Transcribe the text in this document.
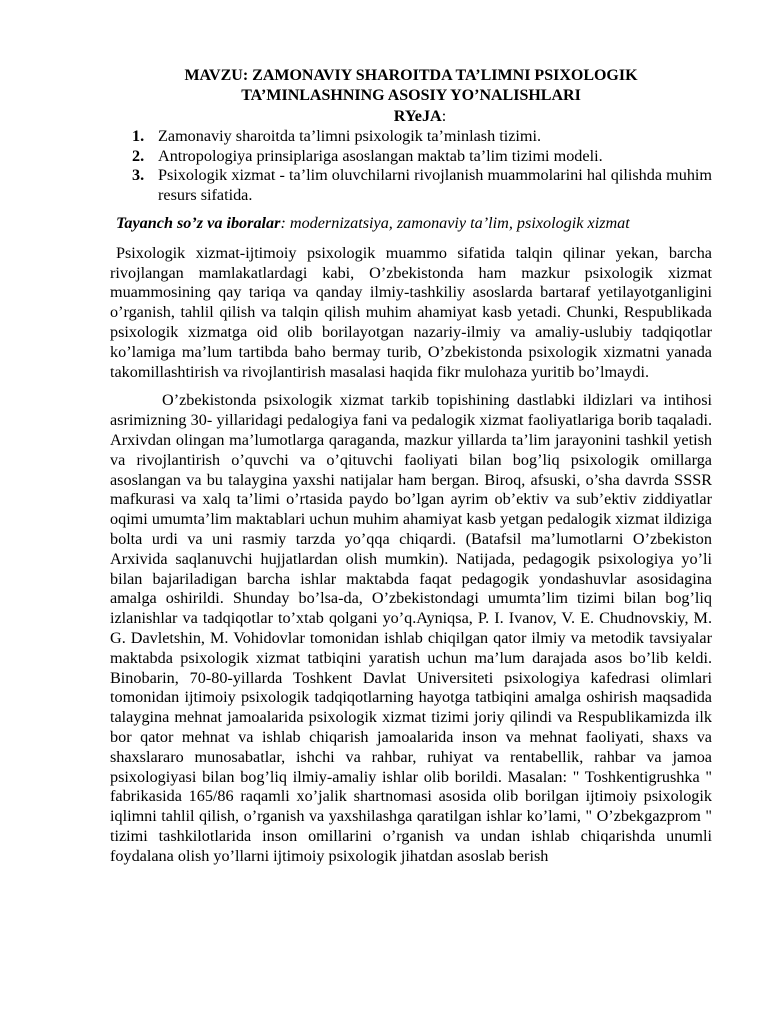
MAVZU: ZAMONAVIY SHAROITDA TA’LIMNI PSIXOLOGIK
TA’MINLASHNING ASOSIY YO’NALISHLARI
RYeJA:
1. Zamonaviy sharoitda ta’limni psixologik ta’minlash tizimi.
2. Antropologiya prinsiplariga asoslangan maktab ta’lim tizimi modeli.
3. Psixologik xizmat - ta’lim oluvchilarni rivojlanish muammolarini hal qilishda muhim resurs sifatida.
Tayanch so’z va iboralar: modernizatsiya, zamonaviy ta’lim, psixologik xizmat

Psixologik xizmat-ijtimoiy psixologik muammo sifatida talqin qilinar yekan, barcha rivojlangan mamlakatlardagi kabi, O’zbekistonda ham mazkur psixologik xizmat muammosining qay tariqa va qanday ilmiy-tashkiliy asoslarda bartaraf yetilayotganligini o’rganish, tahlil qilish va talqin qilish muhim ahamiyat kasb yetadi. Chunki, Respublikada psixologik xizmatga oid olib borilayotgan nazariy-ilmiy va amaliy-uslubiy tadqiqotlar ko’lamiga ma’lum tartibda baho bermay turib, O’zbekistonda psixologik xizmatni yanada takomillashtirish va rivojlantirish masalasi haqida fikr mulohaza yuritib bo’lmaydi.

O’zbekistonda psixologik xizmat tarkib topishining dastlabki ildizlari va intihosi asrimizning 30- yillaridagi pedalogiya fani va pedalogik xizmat faoliyatlariga borib taqaladi. Arxivdan olingan ma’lumotlarga qaraganda, mazkur yillarda ta’lim jarayonini tashkil yetish va rivojlantirish o’quvchi va o’qituvchi faoliyati bilan bog’liq psixologik omillarga asoslangan va bu talaygina yaxshi natijalar ham bergan. Biroq, afsuski, o’sha davrda SSSR mafkurasi va xalq ta’limi o’rtasida paydo bo’lgan ayrim ob’ektiv va sub’ektiv ziddiyatlar oqimi umumta’lim maktablari uchun muhim ahamiyat kasb yetgan pedalogik xizmat ildiziga bolta urdi va uni rasmiy tarzda yo’qqa chiqardi. (Batafsil ma’lumotlarni O’zbekiston Arxivida saqlanuvchi hujjatlardan olish mumkin). Natijada, pedagogik psixologiya yo’li bilan bajariladigan barcha ishlar maktabda faqat pedagogik yondashuvlar asosidagina amalga oshirildi. Shunday bo’lsa-da, O’zbekistondagi umumta’lim tizimi bilan bog’liq izlanishlar va tadqiqotlar to’xtab qolgani yo’q.Ayniqsa, P. I. Ivanov, V. E. Chudnovskiy, M. G. Davletshin, M. Vohidovlar tomonidan ishlab chiqilgan qator ilmiy va metodik tavsiyalar maktabda psixologik xizmat tatbiqini yaratish uchun ma’lum darajada asos bo’lib keldi. Binobarin, 70-80-yillarda Toshkent Davlat Universiteti psixologiya kafedrasi olimlari tomonidan ijtimoiy psixologik tadqiqotlarning hayotga tatbiqini amalga oshirish maqsadida talaygina mehnat jamoalarida psixologik xizmat tizimi joriy qilindi va Respublikamizda ilk bor qator mehnat va ishlab chiqarish jamoalarida inson va mehnat faoliyati, shaxs va shaxslararo munosabatlar, ishchi va rahbar, ruhiyat va rentabellik, rahbar va jamoa psixologiyasi bilan bog’liq ilmiy-amaliy ishlar olib borildi. Masalan: " Toshkentigrushka " fabrikasida 165/86 raqamli xo’jalik shartnomasi asosida olib borilgan ijtimoiy psixologik iqlimni tahlil qilish, o’rganish va yaxshilashga qaratilgan ishlar ko’lami, " O’zbekgazprom " tizimi tashkilotlarida inson omillarini o’rganish va undan ishlab chiqarishda unumli foydalana olish yo’llarni ijtimoiy psixologik jihatdan asoslab berish
